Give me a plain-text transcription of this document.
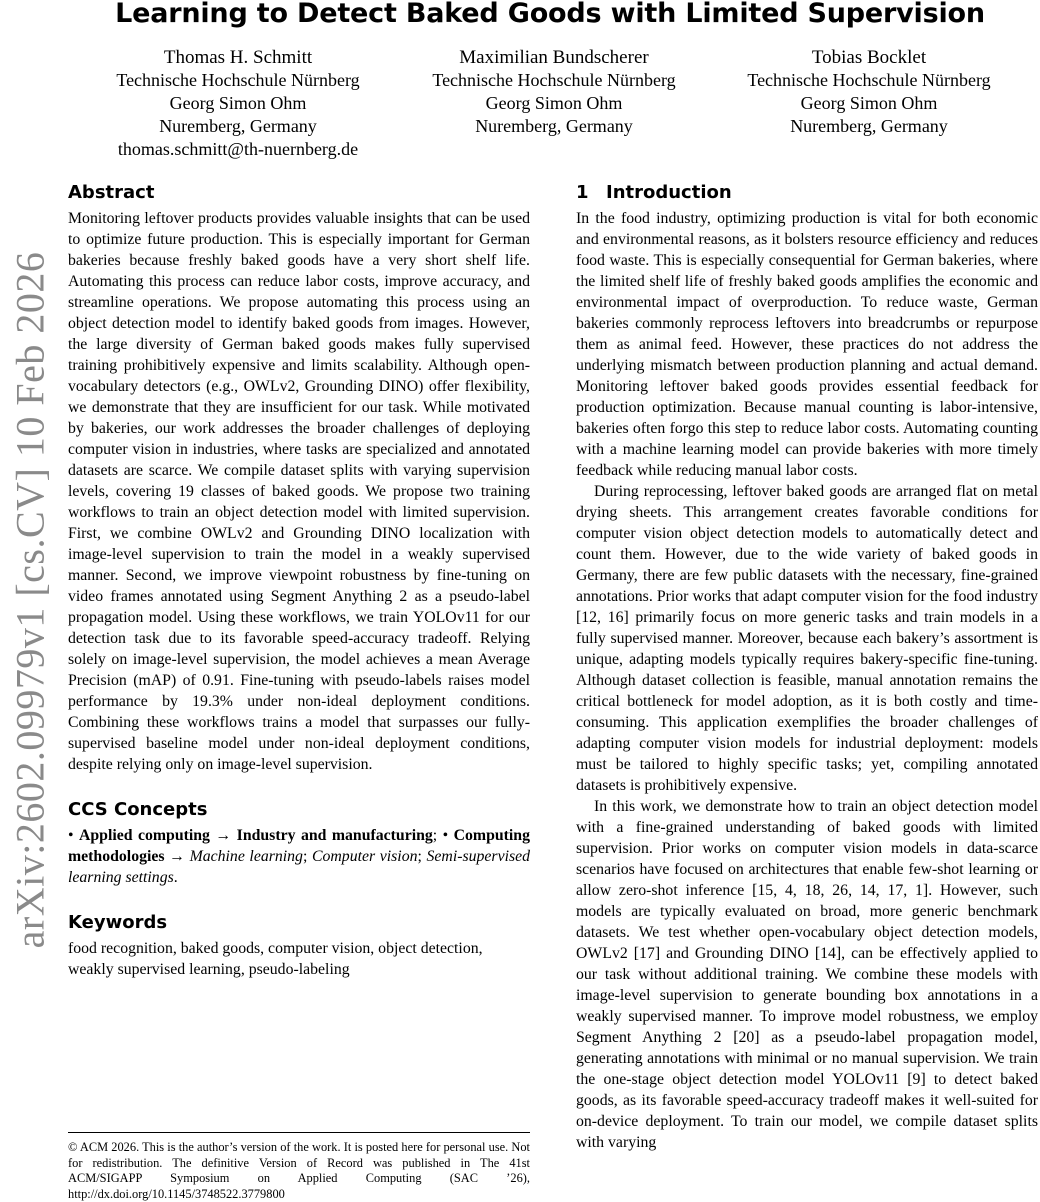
arXiv:2602.09979v1 [cs.CV] 10 Feb 2026
Learning to Detect Baked Goods with Limited Supervision
Thomas H. Schmitt
Technische Hochschule Nürnberg
Georg Simon Ohm
Nuremberg, Germany
thomas.schmitt@th-nuernberg.de
Maximilian Bundscherer
Technische Hochschule Nürnberg
Georg Simon Ohm
Nuremberg, Germany
Tobias Bocklet
Technische Hochschule Nürnberg
Georg Simon Ohm
Nuremberg, Germany
Abstract

Monitoring leftover products provides valuable insights that can be used to optimize future production. This is especially important for German bakeries because freshly baked goods have a very short shelf life. Automating this process can reduce labor costs, improve accuracy, and streamline operations. We propose automating this process using an object detection model to identify baked goods from images. However, the large diversity of German baked goods makes fully supervised training prohibitively expensive and limits scalability. Although open-vocabulary detectors (e.g., OWLv2, Grounding DINO) offer flexibility, we demonstrate that they are insufficient for our task. While motivated by bakeries, our work addresses the broader challenges of deploying computer vision in industries, where tasks are specialized and annotated datasets are scarce. We compile dataset splits with varying supervision levels, covering 19 classes of baked goods. We propose two training workflows to train an object detection model with limited supervision. First, we combine OWLv2 and Grounding DINO localization with image-level supervision to train the model in a weakly supervised manner. Second, we improve viewpoint robustness by fine-tuning on video frames annotated using Segment Anything 2 as a pseudo-label propagation model. Using these workflows, we train YOLOv11 for our detection task due to its favorable speed-accuracy tradeoff. Relying solely on image-level supervision, the model achieves a mean Average Precision (mAP) of 0.91. Fine-tuning with pseudo-labels raises model performance by 19.3% under non-ideal deployment conditions. Combining these workflows trains a model that surpasses our fully-supervised baseline model under non-ideal deployment conditions, despite relying only on image-level supervision.

CCS Concepts

• Applied computing → Industry and manufacturing; • Computing methodologies → Machine learning; Computer vision; Semi-supervised learning settings.

Keywords

food recognition, baked goods, computer vision, object detection, weakly supervised learning, pseudo-labeling

1 Introduction

In the food industry, optimizing production is vital for both economic and environmental reasons, as it bolsters resource efficiency and reduces food waste. This is especially consequential for German bakeries, where the limited shelf life of freshly baked goods amplifies the economic and environmental impact of overproduction. To reduce waste, German bakeries commonly reprocess leftovers into breadcrumbs or repurpose them as animal feed. However, these practices do not address the underlying mismatch between production planning and actual demand. Monitoring leftover baked goods provides essential feedback for production optimization. Because manual counting is labor-intensive, bakeries often forgo this step to reduce labor costs. Automating counting with a machine learning model can provide bakeries with more timely feedback while reducing manual labor costs.

During reprocessing, leftover baked goods are arranged flat on metal drying sheets. This arrangement creates favorable conditions for computer vision object detection models to automatically detect and count them. However, due to the wide variety of baked goods in Germany, there are few public datasets with the necessary, fine-grained annotations. Prior works that adapt computer vision for the food industry [12, 16] primarily focus on more generic tasks and train models in a fully supervised manner. Moreover, because each bakery’s assortment is unique, adapting models typically requires bakery-specific fine-tuning. Although dataset collection is feasible, manual annotation remains the critical bottleneck for model adoption, as it is both costly and time-consuming. This application exemplifies the broader challenges of adapting computer vision models for industrial deployment: models must be tailored to highly specific tasks; yet, compiling annotated datasets is prohibitively expensive.

In this work, we demonstrate how to train an object detection model with a fine-grained understanding of baked goods with limited supervision. Prior works on computer vision models in data-scarce scenarios have focused on architectures that enable few-shot learning or allow zero-shot inference [15, 4, 18, 26, 14, 17, 1]. However, such models are typically evaluated on broad, more generic benchmark datasets. We test whether open-vocabulary object detection models, OWLv2 [17] and Grounding DINO [14], can be effectively applied to our task without additional training. We combine these models with image-level supervision to generate bounding box annotations in a weakly supervised manner. To improve model robustness, we employ Segment Anything 2 [20] as a pseudo-label propagation model, generating annotations with minimal or no manual supervision. We train the one-stage object detection model YOLOv11 [9] to detect baked goods, as its favorable speed-accuracy tradeoff makes it well-suited for on-device deployment. To train our model, we compile dataset splits with varying

© ACM 2026. This is the author’s version of the work. It is posted here for personal use. Not for redistribution. The definitive Version of Record was published in The 41st ACM/SIGAPP Symposium on Applied Computing (SAC ’26), http://dx.doi.org/10.1145/3748522.3779800
